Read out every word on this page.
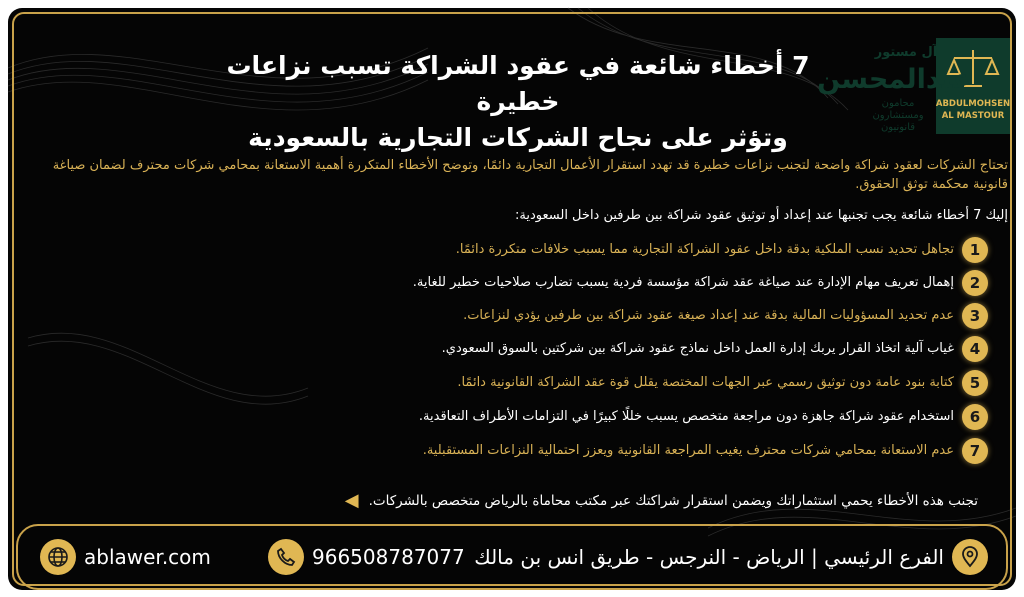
ABDULMOHSEN
AL MASTOUR
آل مستور
عبدالمحسن
محامون
ومستشارون
قانونيون
7 أخطاء شائعة في عقود الشراكة تسبب نزاعات خطيرة
وتؤثر على نجاح الشركات التجارية بالسعودية
تحتاج الشركات لعقود شراكة واضحة لتجنب نزاعات خطيرة قد تهدد استقرار الأعمال التجارية دائمًا، وتوضح الأخطاء المتكررة أهمية الاستعانة بمحامي شركات محترف لضمان صياغة قانونية محكمة توثق الحقوق.
إليك 7 أخطاء شائعة يجب تجنبها عند إعداد أو توثيق عقود شراكة بين طرفين داخل السعودية:
1
تجاهل تحديد نسب الملكية بدقة داخل عقود الشراكة التجارية مما يسبب خلافات متكررة دائمًا.
2
إهمال تعريف مهام الإدارة عند صياغة عقد شراكة مؤسسة فردية يسبب تضارب صلاحيات خطير للغاية.
3
عدم تحديد المسؤوليات المالية بدقة عند إعداد صيغة عقود شراكة بين طرفين يؤدي لنزاعات.
4
غياب آلية اتخاذ القرار يربك إدارة العمل داخل نماذج عقود شراكة بين شركتين بالسوق السعودي.
5
كتابة بنود عامة دون توثيق رسمي عبر الجهات المختصة يقلل قوة عقد الشراكة القانونية دائمًا.
6
استخدام عقود شراكة جاهزة دون مراجعة متخصص يسبب خللًا كبيرًا في التزامات الأطراف التعاقدية.
7
عدم الاستعانة بمحامي شركات محترف يغيب المراجعة القانونية ويعزز احتمالية النزاعات المستقبلية.
تجنب هذه الأخطاء يحمي استثماراتك ويضمن استقرار شراكتك عبر مكتب محاماة بالرياض متخصص بالشركات.
◀
ablawer.com	966508787077 الفرع الرئيسي | الرياض - النرجس - طريق انس بن مالك
